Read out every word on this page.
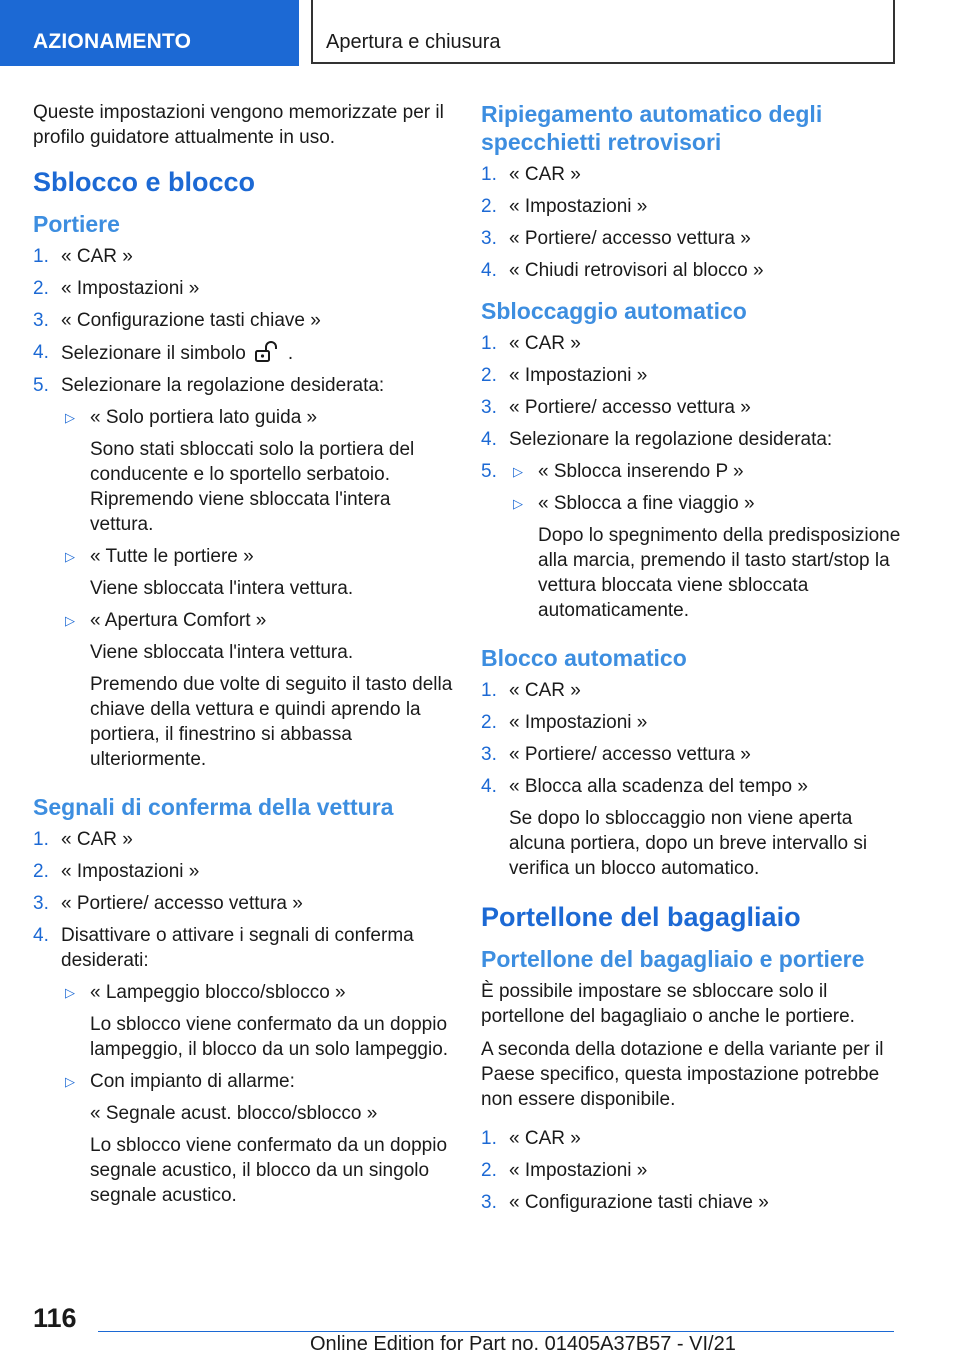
AZIONAMENTO	Apertura e chiusura

Queste impostazioni vengono memorizzate per il profilo guidatore attualmente in uso.

Sblocco e blocco
Portiere
1. « CAR »
2. « Impostazioni »
3. « Configurazione tasti chiave »
4. Selezionare il simbolo .
5. Selezionare la regolazione desiderata:
▷ « Solo portiera lato guida »
Sono stati sbloccati solo la portiera del conducente e lo sportello serbatoio. Ripremendo viene sbloccata l'intera vettura.
▷ « Tutte le portiere »
Viene sbloccata l'intera vettura.
▷ « Apertura Comfort »
Viene sbloccata l'intera vettura.
Premendo due volte di seguito il tasto della chiave della vettura e quindi aprendo la portiera, il finestrino si abbassa ulteriormente.
Segnali di conferma della vettura
1. « CAR »
2. « Impostazioni »
3. « Portiere/ accesso vettura »
4. Disattivare o attivare i segnali di conferma desiderati:
▷ « Lampeggio blocco/sblocco »
Lo sblocco viene confermato da un doppio lampeggio, il blocco da un solo lampeggio.
▷ Con impianto di allarme:
« Segnale acust. blocco/sblocco »
Lo sblocco viene confermato da un doppio segnale acustico, il blocco da un singolo segnale acustico.
Ripiegamento automatico degli specchietti retrovisori
1. « CAR »
2. « Impostazioni »
3. « Portiere/ accesso vettura »
4. « Chiudi retrovisori al blocco »
Sbloccaggio automatico
1. « CAR »
2. « Impostazioni »
3. « Portiere/ accesso vettura »
4. Selezionare la regolazione desiderata:
5.	▷ « Sblocca inserendo P »
▷ « Sblocca a fine viaggio »
Dopo lo spegnimento della predisposizione alla marcia, premendo il tasto start/stop la vettura bloccata viene sbloccata automaticamente.
Blocco automatico
1. « CAR »
2. « Impostazioni »
3. « Portiere/ accesso vettura »
4. « Blocca alla scadenza del tempo »
Se dopo lo sbloccaggio non viene aperta alcuna portiera, dopo un breve intervallo si verifica un blocco automatico.
Portellone del bagagliaio
Portellone del bagagliaio e portiere

È possibile impostare se sbloccare solo il portellone del bagagliaio o anche le portiere.

A seconda della dotazione e della variante per il Paese specifico, questa impostazione potrebbe non essere disponibile.

1. « CAR »
2. « Impostazioni »
3. « Configurazione tasti chiave »
116
Online Edition for Part no. 01405A37B57 - VI/21
